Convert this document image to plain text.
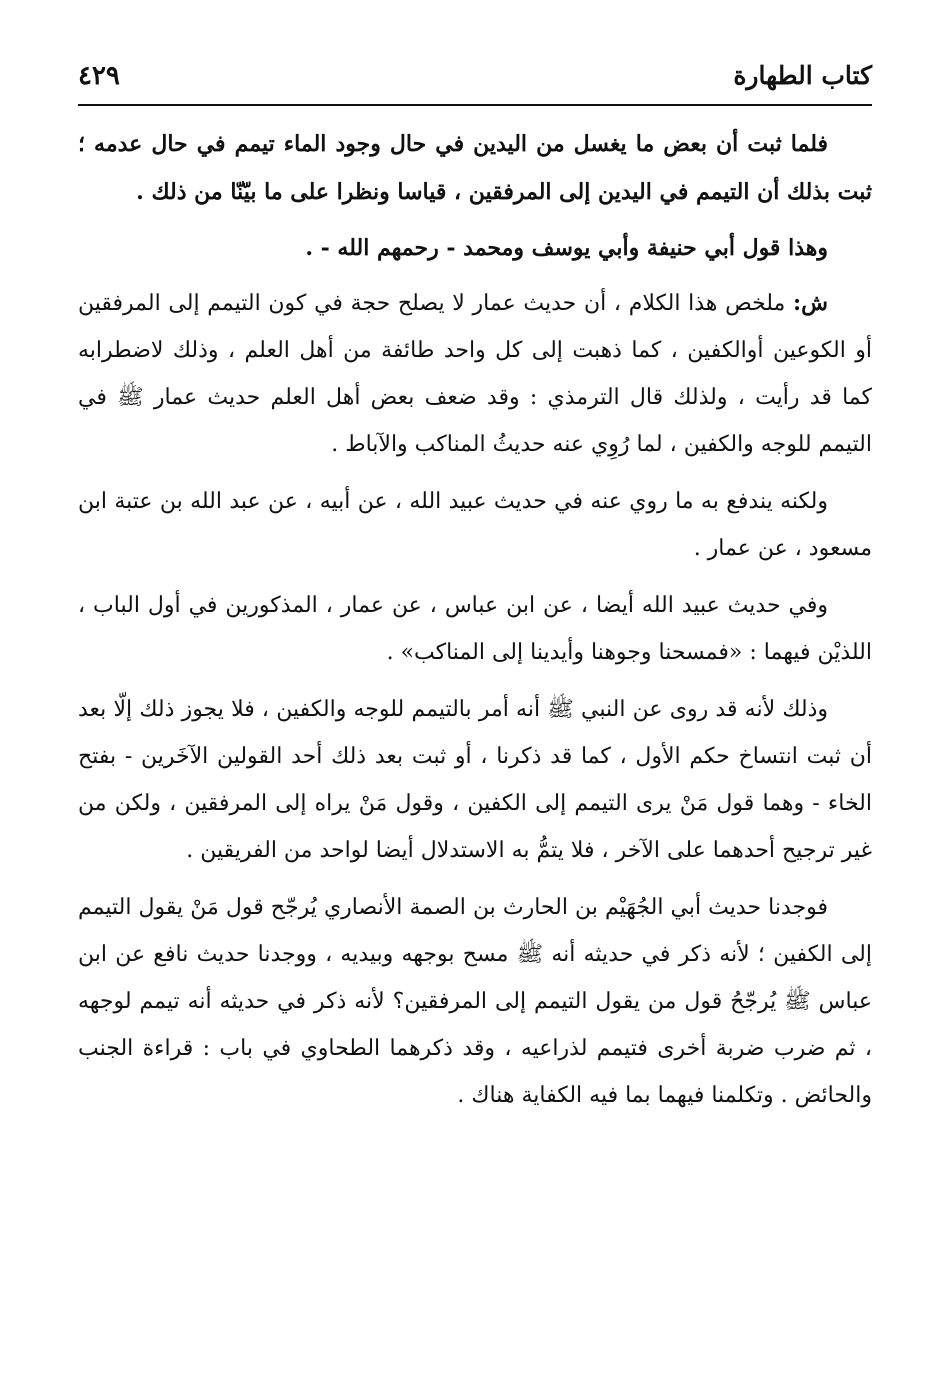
كتاب الطهارة
٤٢٩

فلما ثبت أن بعض ما يغسل من اليدين في حال وجود الماء تيمم في حال عدمه ؛ ثبت بذلك أن التيمم في اليدين إلى المرفقين ، قياسا ونظرا على ما بيّنّا من ذلك .

وهذا قول أبي حنيفة وأبي يوسف ومحمد - رحمهم الله - .

ش: ملخص هذا الكلام ، أن حديث عمار لا يصلح حجة في كون التيمم إلى المرفقين أو الكوعين أوالكفين ، كما ذهبت إلى كل واحد طائفة من أهل العلم ، وذلك لاضطرابه كما قد رأيت ، ولذلك قال الترمذي : وقد ضعف بعض أهل العلم حديث عمار ﷺ في التيمم للوجه والكفين ، لما رُوِي عنه حديثُ المناكب والآباط .

ولكنه يندفع به ما روي عنه في حديث عبيد الله ، عن أبيه ، عن عبد الله بن عتبة ابن مسعود ، عن عمار .

وفي حديث عبيد الله أيضا ، عن ابن عباس ، عن عمار ، المذكورين في أول الباب ، اللذيْن فيهما : «فمسحنا وجوهنا وأيدينا إلى المناكب» .

وذلك لأنه قد روى عن النبي ﷺ أنه أمر بالتيمم للوجه والكفين ، فلا يجوز ذلك إلّا بعد أن ثبت انتساخ حكم الأول ، كما قد ذكرنا ، أو ثبت بعد ذلك أحد القولين الآخَرين - بفتح الخاء - وهما قول مَنْ يرى التيمم إلى الكفين ، وقول مَنْ يراه إلى المرفقين ، ولكن من غير ترجيح أحدهما على الآخر ، فلا يتمُّ به الاستدلال أيضا لواحد من الفريقين .

فوجدنا حديث أبي الجُهَيْم بن الحارث بن الصمة الأنصاري يُرجّح قول مَنْ يقول التيمم إلى الكفين ؛ لأنه ذكر في حديثه أنه ﷺ مسح بوجهه وبيديه ، ووجدنا حديث نافع عن ابن عباس ﷺ يُرجّحُ قول من يقول التيمم إلى المرفقين؟ لأنه ذكر في حديثه أنه تيمم لوجهه ، ثم ضرب ضربة أخرى فتيمم لذراعيه ، وقد ذكرهما الطحاوي في باب : قراءة الجنب والحائض . وتكلمنا فيهما بما فيه الكفاية هناك .
